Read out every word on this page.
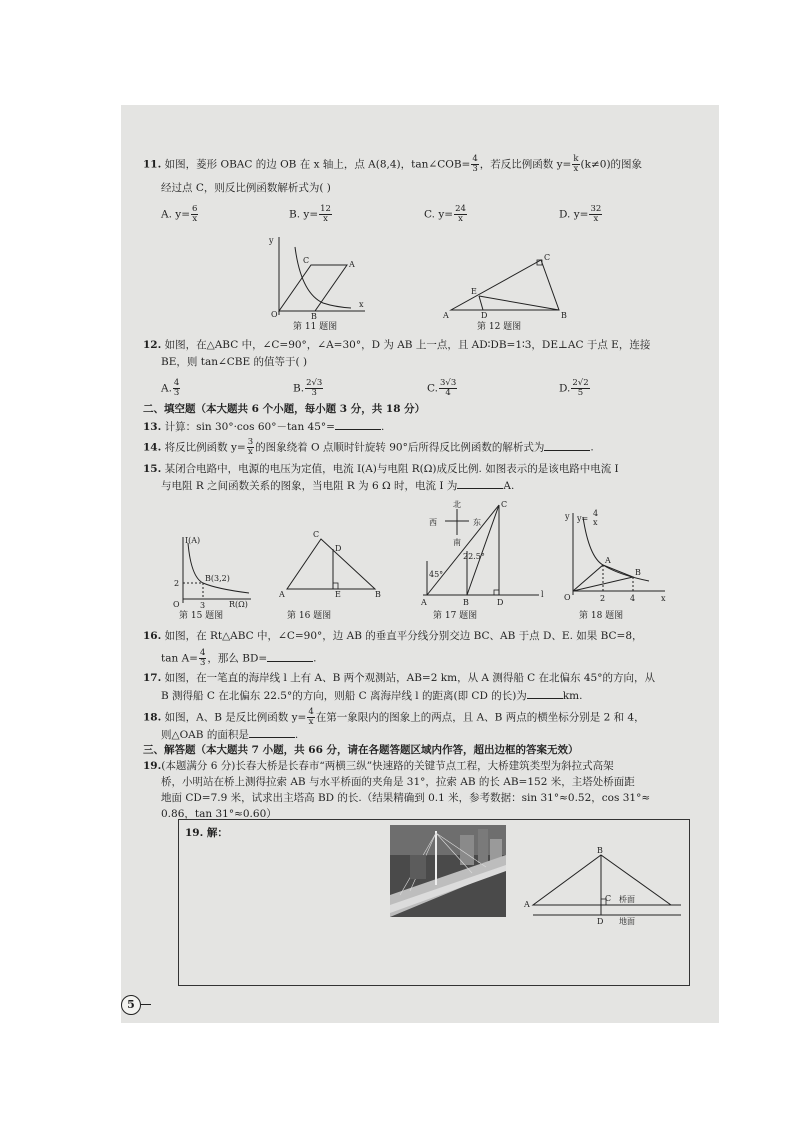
11. 如图，菱形 OBAC 的边 OB 在 x 轴上，点 A(8,4)，tan∠COB= $\frac{4}{3}$ ，若反比例函数 $y= \frac{k}{x} (k\ne 0)$的图象
经过点 C，则反比例函数解析式为( )
A. $y= \frac{6}{x}$	B. $y= \frac{12}{x}$	C. $y= \frac{24}{x}$	D. $y= \frac{32}{x}$
y
x
O	B
A
C
第 11 题图
A	B
C
D
E
第 12 题图
12. 如图，在△ABC 中，∠C=90°，∠A=30°，D 为 AB 上一点，且 AD∶DB=1∶3，DE⊥AC 于点 E，连接
BE，则 tan∠CBE 的值等于( )
A. $\frac{4}{3}$	B. $\frac{2√3}{3}$	C. $\frac{3√3}{4}$	D. $\frac{2√2}{5}$
二、填空题（本大题共 6 个小题，每小题 3 分，共 18 分）
13. 计算：sin 30°·cos 60°－tan 45°=	.
14. 将反比例函数 $y= \frac{3}{x}$ 的图象绕着 O 点顺时针旋转 90°后所得反比例函数的解析式为	.
15. 某闭合电路中，电源的电压为定值，电流 I(A)与电阻 R(Ω)成反比例. 如图表示的是该电路中电流 I
与电阻 R 之间函数关系的图象，当电阻 R 为 6 Ω 时，电流 I 为	A.
I(A)
R(Ω)
O
B(3,2)
2
3
第 15 题图
A	B
C
D
E
第 16 题图
北
南
西	东
A	B
C
D
l
45°
22.5°
第 17 题图
y y=
4
x
O
A
B
2	4	x
第 18 题图
16. 如图，在 Rt△ABC 中，∠C=90°，边 AB 的垂直平分线分别交边 BC、AB 于点 D、E. 如果 BC=8，
$\tan A= \frac{4}{3}$ ，那么 BD=	.
17. 如图，在一笔直的海岸线 l 上有 A、B 两个观测站，AB=2 km，从 A 测得船 C 在北偏东 45°的方向，从
B 测得船 C 在北偏东 22.5°的方向，则船 C 离海岸线 l 的距离(即 CD 的长)为	km.
18. 如图，A、B 是反比例函数 $y= \frac{4}{x}$ 在第一象限内的图象上的两点，且 A、B 两点的横坐标分别是 2 和 4，
则△OAB 的面积是	.
三、解答题（本大题共 7 小题，共 66 分，请在各题答题区域内作答，超出边框的答案无效）
19.(本题满分 6 分)长春大桥是长春市“两横三纵”快速路的关键节点工程，大桥建筑类型为斜拉式高架
桥，小明站在桥上测得拉索 AB 与水平桥面的夹角是 31°，拉索 AB 的长 AB=152 米，主塔处桥面距
地面 CD=7.9 米，试求出主塔高 BD 的长.（结果精确到 0.1 米，参考数据：sin 31°≈0.52，cos 31°≈
0.86，tan 31°≈0.60）
19. 解：
A
B
C
D
桥面
地面
5
